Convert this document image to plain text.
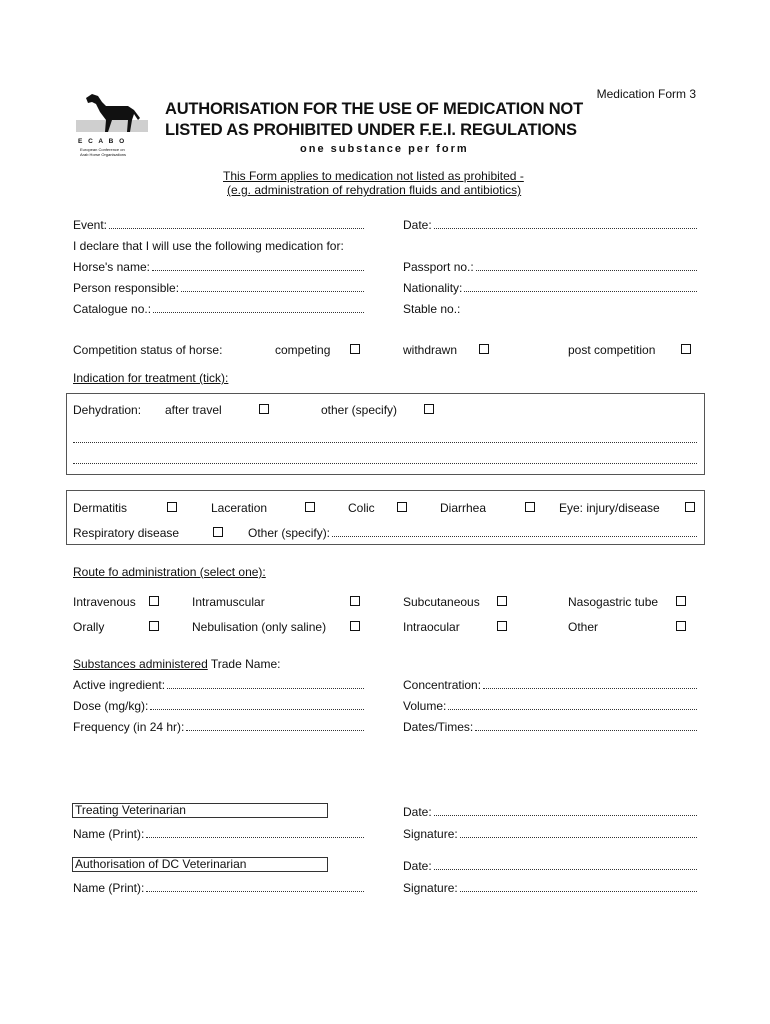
E C A B O
European Conference on
Arab Horse Organisations
Medication Form 3
AUTHORISATION FOR THE USE OF MEDICATION NOT
LISTED AS PROHIBITED UNDER F.E.I. REGULATIONS
one substance per form
This Form applies to medication not listed as prohibited -
(e.g. administration of rehydration fluids and antibiotics)
Event:	Date:
I declare that I will use the following medication for:
Horse's name:	Passport no.:
Person responsible:	Nationality:
Catalogue no.:	Stable no.:
Competition status of horse:	competing	withdrawn	post competition
Indication for treatment (tick):
Dehydration: after travel	other (specify)
Dermatitis	Laceration	Colic	Diarrhea	Eye: injury/disease
Respiratory disease	Other (specify):
Route fo administration (select one):
Intravenous	Intramuscular	Subcutaneous	Nasogastric tube
Orally	Nebulisation (only saline)	Intraocular	Other
Substances administered Trade Name:
Active ingredient:	Concentration:
Dose (mg/kg):	Volume:
Frequency (in 24 hr):	Dates/Times:
Treating Veterinarian	Date:
Name (Print):	Signature:
Authorisation of DC Veterinarian	Date:
Name (Print):	Signature:
